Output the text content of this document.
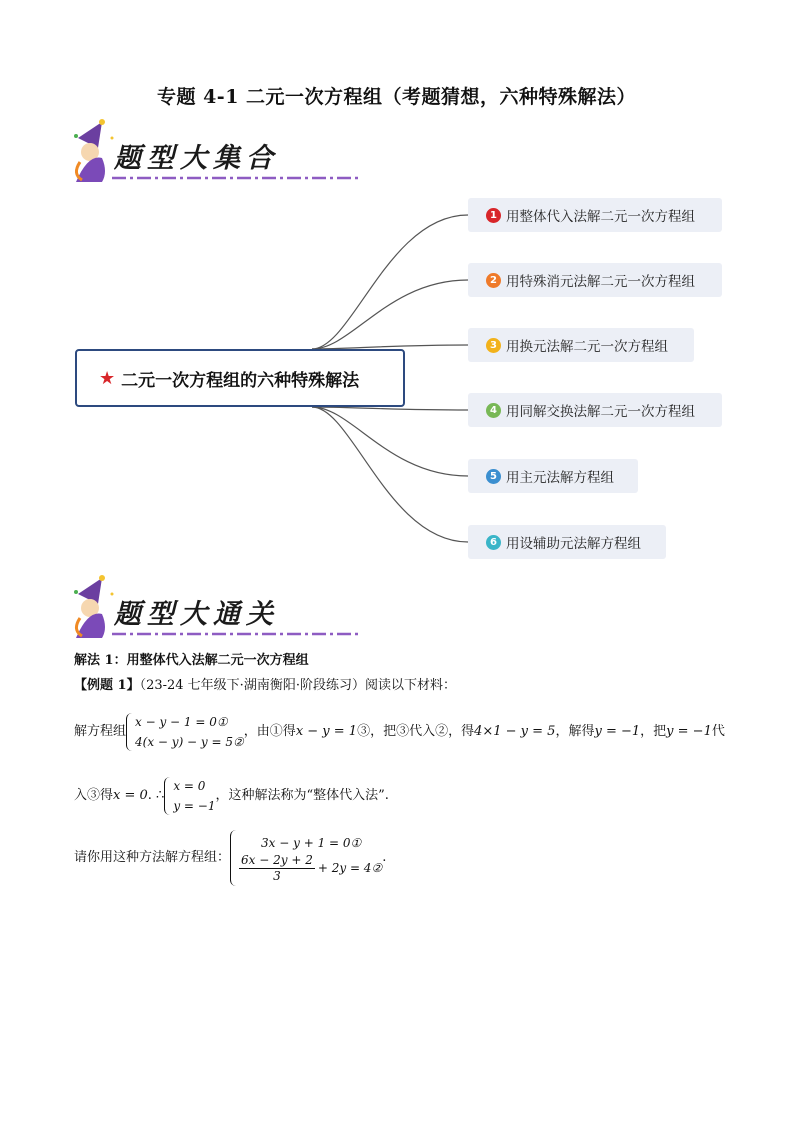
专题 4-1 二元一次方程组（考题猜想，六种特殊解法）
题型大集合
★ 二元一次方程组的六种特殊解法
1 用整体代入法解二元一次方程组
2 用特殊消元法解二元一次方程组
3 用换元法解二元一次方程组
4 用同解交换法解二元一次方程组
5 用主元法解方程组
6 用设辅助元法解方程组
题型大通关
解法 1：用整体代入法解二元一次方程组
【例题 1】（23-24 七年级下·湖南衡阳·阶段练习）阅读以下材料：
解方程组
x − y − 1 = 0①
4(x − y) − y = 5②
，由①得 x − y = 1 ③，把③代入②，得 4×1 − y = 5 ，解得 y = −1 ，把 y = −1 代
入③得 x = 0 . ∴
x = 0
y = −1
，这种解法称为“整体代入法”.
请你用这种方法解方程组：
3x − y + 1 = 0①
$\frac{6x - 2y + 2}{3} + 2y$ = 4②
.
